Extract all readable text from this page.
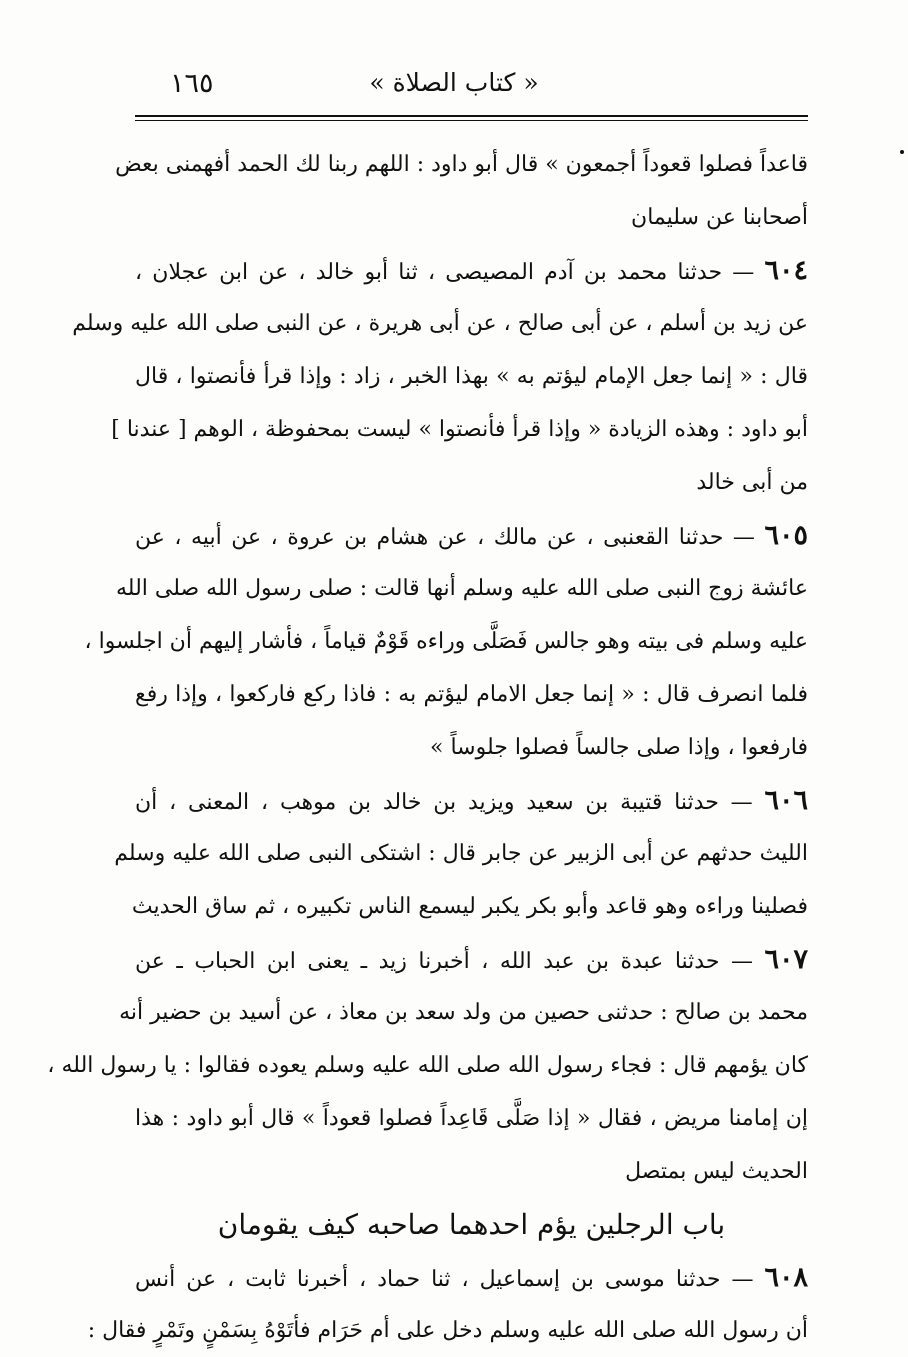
« كتاب الصلاة »
١٦٥
قاعداً فصلوا قعوداً أجمعون » قال أبو داود : اللهم ربنا لك الحمد أفهمنى بعض
أصحابنا عن سليمان
٦٠٤ — حدثنا محمد بن آدم المصيصى ، ثنا أبو خالد ، عن ابن عجلان ،
عن زيد بن أسلم ، عن أبى صالح ، عن أبى هريرة ، عن النبى صلى الله عليه وسلم
قال : « إنما جعل الإمام ليؤتم به » بهذا الخبر ، زاد : وإذا قرأ فأنصتوا ، قال
أبو داود : وهذه الزيادة « وإذا قرأ فأنصتوا » ليست بمحفوظة ، الوهم [ عندنا ]
من أبى خالد
٦٠٥ — حدثنا القعنبى ، عن مالك ، عن هشام بن عروة ، عن أبيه ، عن
عائشة زوج النبى صلى الله عليه وسلم أنها قالت : صلى رسول الله صلى الله
عليه وسلم فى بيته وهو جالس فَصَلَّى وراءه قَوْمٌ قياماً ، فأشار إليهم أن اجلسوا ،
فلما انصرف قال : « إنما جعل الامام ليؤتم به : فاذا ركع فاركعوا ، وإذا رفع
فارفعوا ، وإذا صلى جالساً فصلوا جلوساً »
٦٠٦ — حدثنا قتيبة بن سعيد ويزيد بن خالد بن موهب ، المعنى ، أن
الليث حدثهم عن أبى الزبير عن جابر قال : اشتكى النبى صلى الله عليه وسلم
فصلينا وراءه وهو قاعد وأبو بكر يكبر ليسمع الناس تكبيره ، ثم ساق الحديث
٦٠٧ — حدثنا عبدة بن عبد الله ، أخبرنا زيد ـ يعنى ابن الحباب ـ عن
محمد بن صالح : حدثنى حصين من ولد سعد بن معاذ ، عن أسيد بن حضير أنه
كان يؤمهم قال : فجاء رسول الله صلى الله عليه وسلم يعوده فقالوا : يا رسول الله ،
إن إمامنا مريض ، فقال « إذا صَلَّى قَاعِداً فصلوا قعوداً » قال أبو داود : هذا
الحديث ليس بمتصل
باب الرجلين يؤم احدهما صاحبه كيف يقومان
٦٠٨ — حدثنا موسى بن إسماعيل ، ثنا حماد ، أخبرنا ثابت ، عن أنس
أن رسول الله صلى الله عليه وسلم دخل على أم حَرَام فأتَوْهُ بِسَمْنٍ وتَمْرٍ فقال :
